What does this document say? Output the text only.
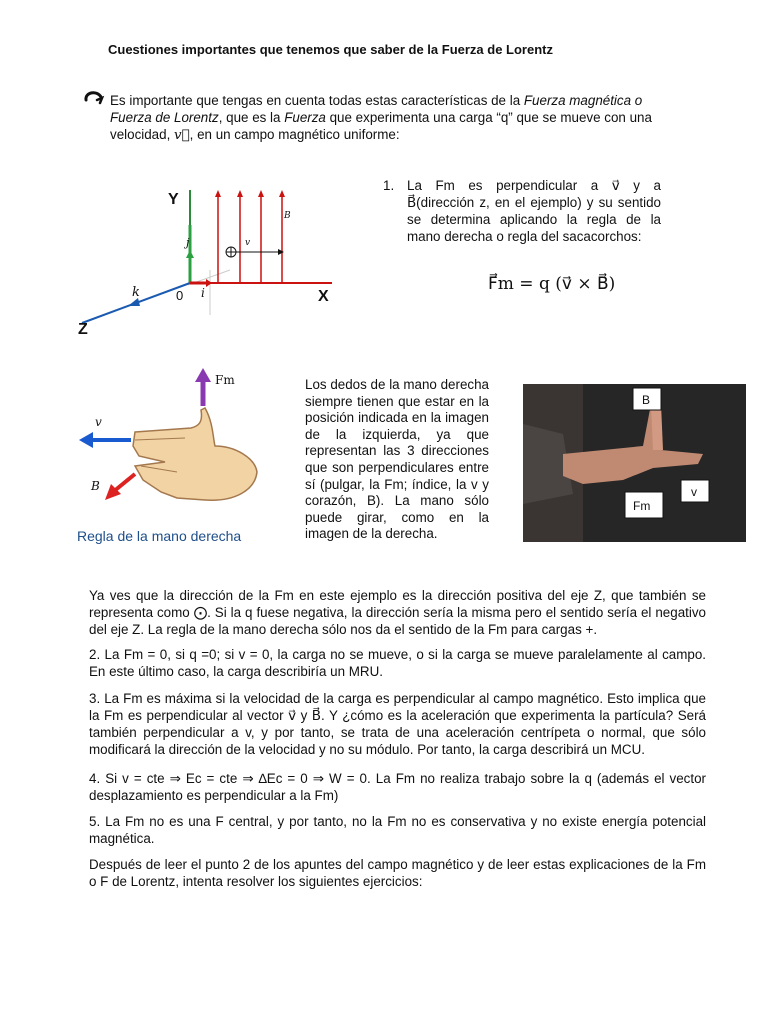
Cuestiones importantes que tenemos que saber de la Fuerza de Lorentz
Es importante que tengas en cuenta todas estas características de la Fuerza magnética o Fuerza de Lorentz, que es la Fuerza que experimenta una carga “q” que se mueve con una velocidad, v⃗, en un campo magnético uniforme:
Y
X
Z
0 i
j
k
v
B
1. La Fm es perpendicular a v⃗ y a B⃗(dirección z, en el ejemplo) y su sentido se determina aplicando la regla de la mano derecha o regla del sacacorchos:
F⃗m = q (v⃗ × B⃗)
Fm
v
B
Regla de la mano derecha
Los dedos de la mano derecha siempre tienen que estar en la posición indicada en la imagen de la izquierda, ya que representan las 3 direcciones que son perpendiculares entre sí (pulgar, la Fm; índice, la v y corazón, B). La mano sólo puede girar, como en la imagen de la derecha.
B
v
Fm
Ya ves que la dirección de la Fm en este ejemplo es la dirección positiva del eje Z, que también se representa como ⨀. Si la q fuese negativa, la dirección sería la misma pero el sentido sería el negativo del eje Z. La regla de la mano derecha sólo nos da el sentido de la Fm para cargas +.
2. La Fm = 0, si q =0; si v = 0, la carga no se mueve, o si la carga se mueve paralelamente al campo. En este último caso, la carga describiría un MRU.
3. La Fm es máxima si la velocidad de la carga es perpendicular al campo magnético. Esto implica que la Fm es perpendicular al vector v⃗ y B⃗. Y ¿cómo es la aceleración que experimenta la partícula? Será también perpendicular a v, y por tanto, se trata de una aceleración centrípeta o normal, que sólo modificará la dirección de la velocidad y no su módulo. Por tanto, la carga describirá un MCU.
4. Si v = cte ⇒ Ec = cte ⇒ ∆Ec = 0 ⇒ W = 0. La Fm no realiza trabajo sobre la q (además el vector desplazamiento es perpendicular a la Fm)
5. La Fm no es una F central, y por tanto, no la Fm no es conservativa y no existe energía potencial magnética.
Después de leer el punto 2 de los apuntes del campo magnético y de leer estas explicaciones de la Fm o F de Lorentz, intenta resolver los siguientes ejercicios:
